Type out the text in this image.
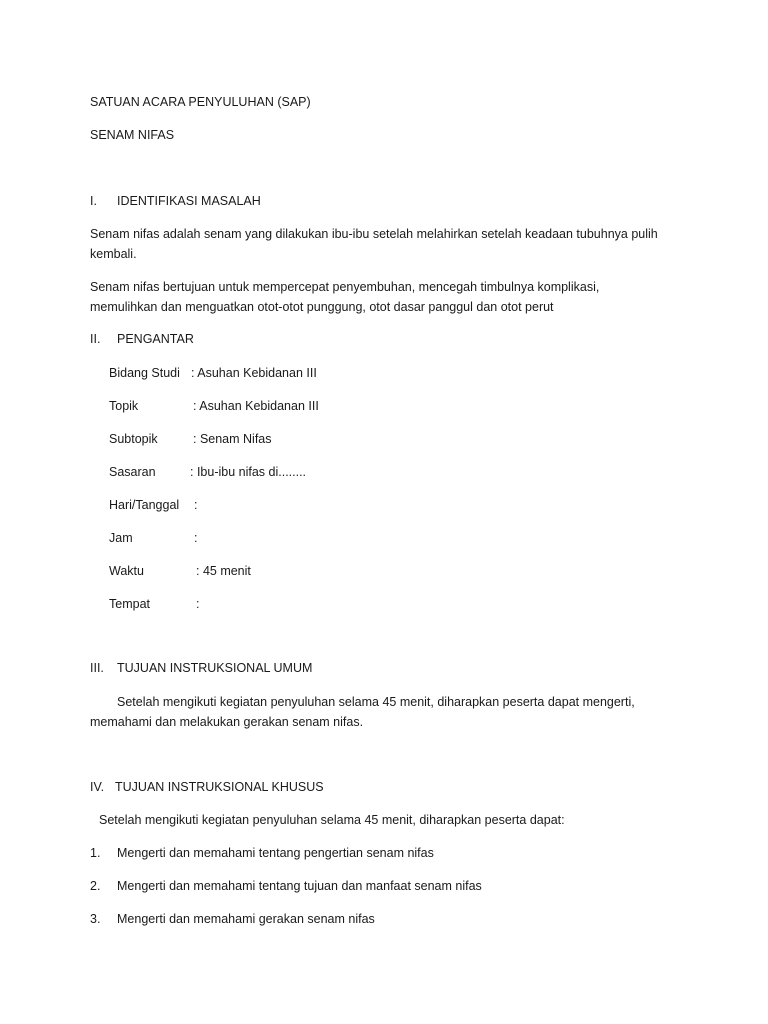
SATUAN ACARA PENYULUHAN (SAP)
SENAM NIFAS
I. IDENTIFIKASI MASALAH
Senam nifas adalah senam yang dilakukan ibu-ibu setelah melahirkan setelah keadaan tubuhnya pulih
kembali.
Senam nifas bertujuan untuk mempercepat penyembuhan, mencegah timbulnya komplikasi,
memulihkan dan menguatkan otot-otot punggung, otot dasar panggul dan otot perut
II. PENGANTAR
Bidang Studi : Asuhan Kebidanan III
Topik	: Asuhan Kebidanan III
Subtopik	: Senam Nifas
Sasaran	: Ibu-ibu nifas di........
Hari/Tanggal :
Jam	:
Waktu	: 45 menit
Tempat	:
III. TUJUAN INSTRUKSIONAL UMUM
Setelah mengikuti kegiatan penyuluhan selama 45 menit, diharapkan peserta dapat mengerti,
memahami dan melakukan gerakan senam nifas.
IV. TUJUAN INSTRUKSIONAL KHUSUS
Setelah mengikuti kegiatan penyuluhan selama 45 menit, diharapkan peserta dapat:
1. Mengerti dan memahami tentang pengertian senam nifas
2. Mengerti dan memahami tentang tujuan dan manfaat senam nifas
3. Mengerti dan memahami gerakan senam nifas
